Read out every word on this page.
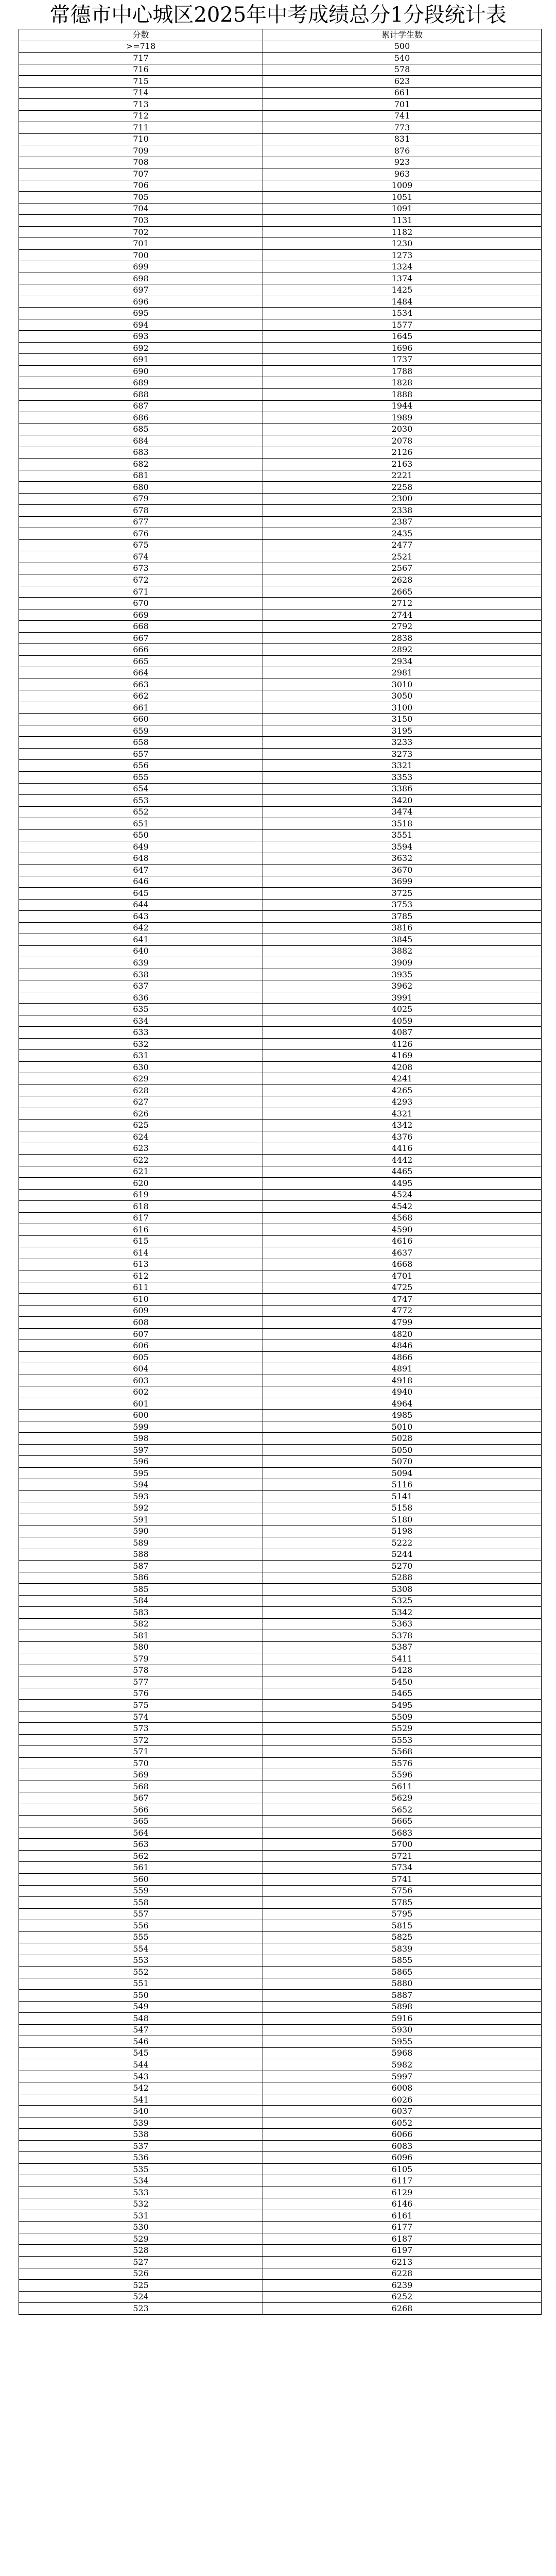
常德市中心城区2025年中考成绩总分1分段统计表
分数	累计学生数
>=718	500
717	540
716	578
715	623
714	661
713	701
712	741
711	773
710	831
709	876
708	923
707	963
706	1009
705	1051
704	1091
703	1131
702	1182
701	1230
700	1273
699	1324
698	1374
697	1425
696	1484
695	1534
694	1577
693	1645
692	1696
691	1737
690	1788
689	1828
688	1888
687	1944
686	1989
685	2030
684	2078
683	2126
682	2163
681	2221
680	2258
679	2300
678	2338
677	2387
676	2435
675	2477
674	2521
673	2567
672	2628
671	2665
670	2712
669	2744
668	2792
667	2838
666	2892
665	2934
664	2981
663	3010
662	3050
661	3100
660	3150
659	3195
658	3233
657	3273
656	3321
655	3353
654	3386
653	3420
652	3474
651	3518
650	3551
649	3594
648	3632
647	3670
646	3699
645	3725
644	3753
643	3785
642	3816
641	3845
640	3882
639	3909
638	3935
637	3962
636	3991
635	4025
634	4059
633	4087
632	4126
631	4169
630	4208
629	4241
628	4265
627	4293
626	4321
625	4342
624	4376
623	4416
622	4442
621	4465
620	4495
619	4524
618	4542
617	4568
616	4590
615	4616
614	4637
613	4668
612	4701
611	4725
610	4747
609	4772
608	4799
607	4820
606	4846
605	4866
604	4891
603	4918
602	4940
601	4964
600	4985
599	5010
598	5028
597	5050
596	5070
595	5094
594	5116
593	5141
592	5158
591	5180
590	5198
589	5222
588	5244
587	5270
586	5288
585	5308
584	5325
583	5342
582	5363
581	5378
580	5387
579	5411
578	5428
577	5450
576	5465
575	5495
574	5509
573	5529
572	5553
571	5568
570	5576
569	5596
568	5611
567	5629
566	5652
565	5665
564	5683
563	5700
562	5721
561	5734
560	5741
559	5756
558	5785
557	5795
556	5815
555	5825
554	5839
553	5855
552	5865
551	5880
550	5887
549	5898
548	5916
547	5930
546	5955
545	5968
544	5982
543	5997
542	6008
541	6026
540	6037
539	6052
538	6066
537	6083
536	6096
535	6105
534	6117
533	6129
532	6146
531	6161
530	6177
529	6187
528	6197
527	6213
526	6228
525	6239
524	6252
523	6268
